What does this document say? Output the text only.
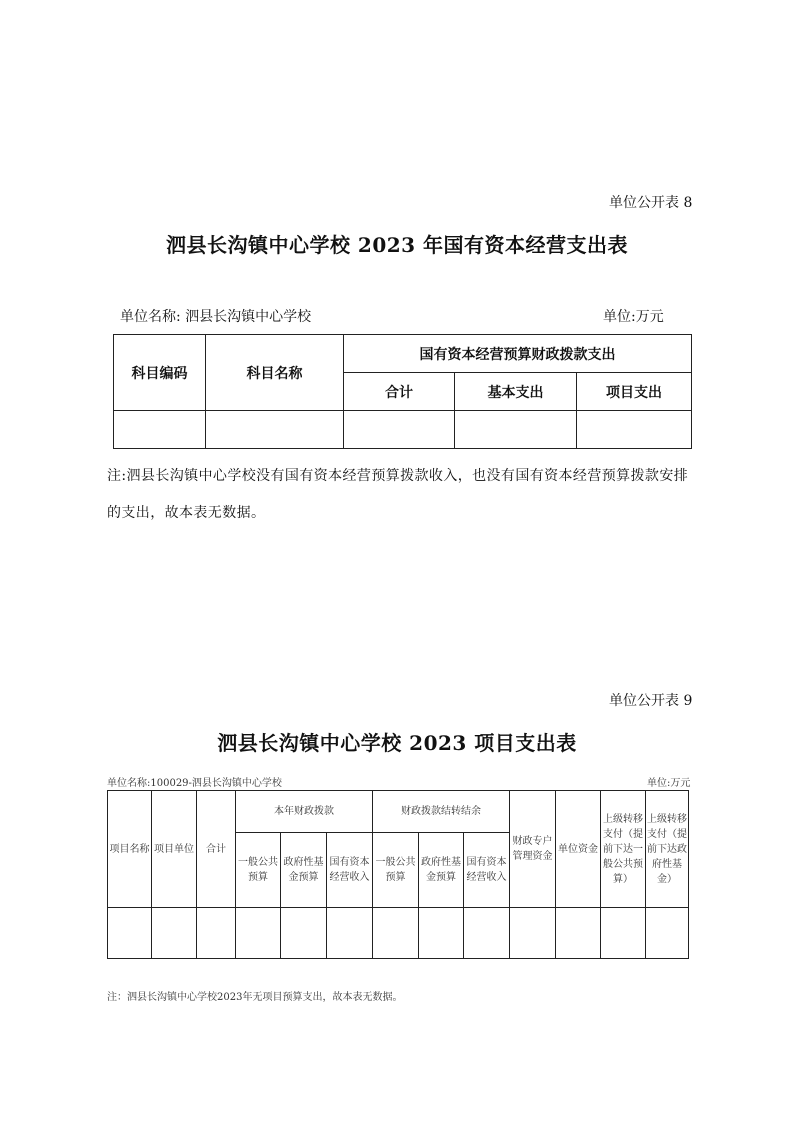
单位公开表 8
泗县长沟镇中心学校 2023 年国有资本经营支出表
单位名称: 泗县长沟镇中心学校	单位:万元
科目编码	科目名称	国有资本经营预算财政拨款支出		
		合计	基本支出	项目支出

注:泗县长沟镇中心学校没有国有资本经营预算拨款收入，也没有国有资本经营预算拨款安排的支出，故本表无数据。
单位公开表 9
泗县长沟镇中心学校 2023 项目支出表
单位名称:100029-泗县长沟镇中心学校	单位:万元
项目名称	项目单位	合计	本年财政拨款			财政拨款结转结余			财政专户管理资金	单位资金	上级转移支付（提前下达一般公共预算）	上级转移支付（提前下达政府性基金）
			一般公共预算	政府性基金预算	国有资本经营收入	一般公共预算	政府性基金预算	国有资本经营收入				

注：泗县长沟镇中心学校2023年无项目预算支出，故本表无数据。
